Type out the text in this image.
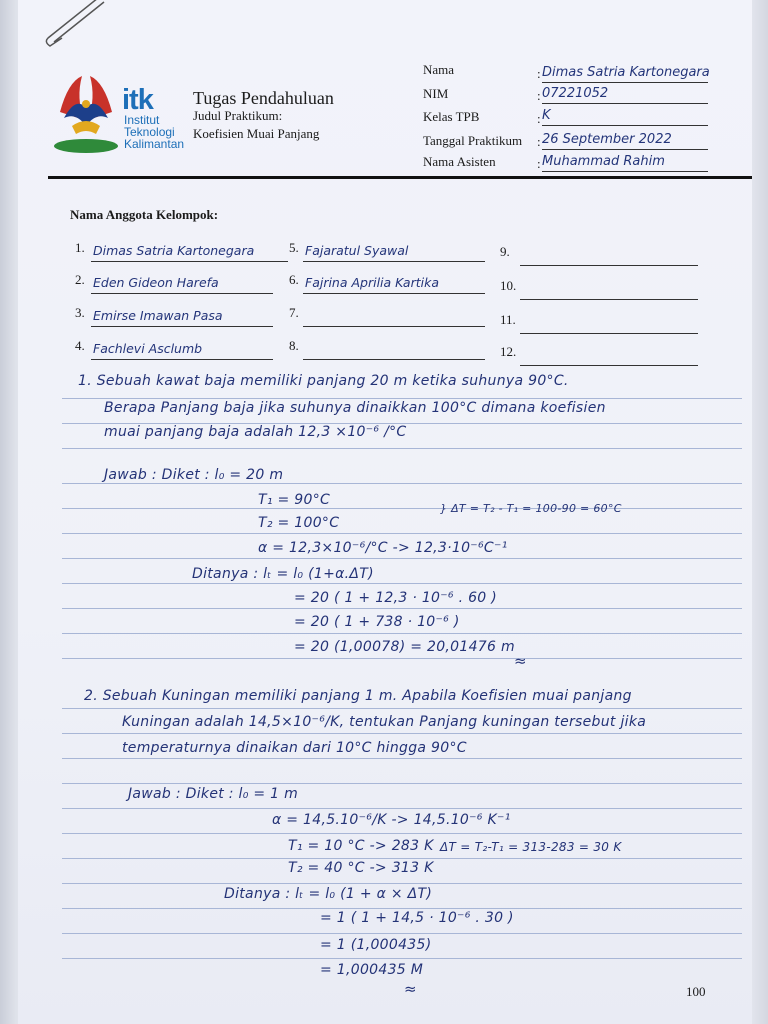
itk
Institut
Teknologi
Kalimantan
Tugas Pendahuluan
Judul Praktikum:
Koefisien Muai Panjang
Nama	: Dimas Satria Kartonegara
NIM	: 07221052
Kelas TPB	: K
Tanggal Praktikum : 26 September 2022
Nama Asisten	: Muhammad Rahim
Nama Anggota Kelompok:
1. Dimas Satria Kartonegara
2. Eden Gideon Harefa
3. Emirse Imawan Pasa
4. Fachlevi Asclumb
5. Fajaratul Syawal
6. Fajrina Aprilia Kartika
7.
8.
9.
10.
11.
12.
1. Sebuah kawat baja memiliki panjang 20 m ketika suhunya 90°C.
Berapa Panjang baja jika suhunya dinaikkan 100°C dimana koefisien
muai panjang baja adalah 12,3 ×10⁻⁶ /°C
Jawab : Diket : l₀ = 20 m
T₁ = 90°C
T₂ = 100°C
} ΔT = T₂ - T₁ = 100-90 = 60°C
α = 12,3×10⁻⁶/°C -> 12,3·10⁻⁶C⁻¹
Ditanya : lₜ = l₀ (1+α.ΔT)
= 20 ( 1 + 12,3 · 10⁻⁶ . 60 )
= 20 ( 1 + 738 · 10⁻⁶ )
= 20 (1,00078) = 20,01476 m
≈
2. Sebuah Kuningan memiliki panjang 1 m. Apabila Koefisien muai panjang
Kuningan adalah 14,5×10⁻⁶/K, tentukan Panjang kuningan tersebut jika
temperaturnya dinaikan dari 10°C hingga 90°C
Jawab : Diket : l₀ = 1 m
α = 14,5.10⁻⁶/K -> 14,5.10⁻⁶ K⁻¹
T₁ = 10 °C -> 283 K ΔT = T₂-T₁ = 313-283 = 30 K
T₂ = 40 °C -> 313 K
Ditanya : lₜ = l₀ (1 + α × ΔT)
= 1 ( 1 + 14,5 · 10⁻⁶ . 30 )
= 1 (1,000435)
= 1,000435 M
≈	100
